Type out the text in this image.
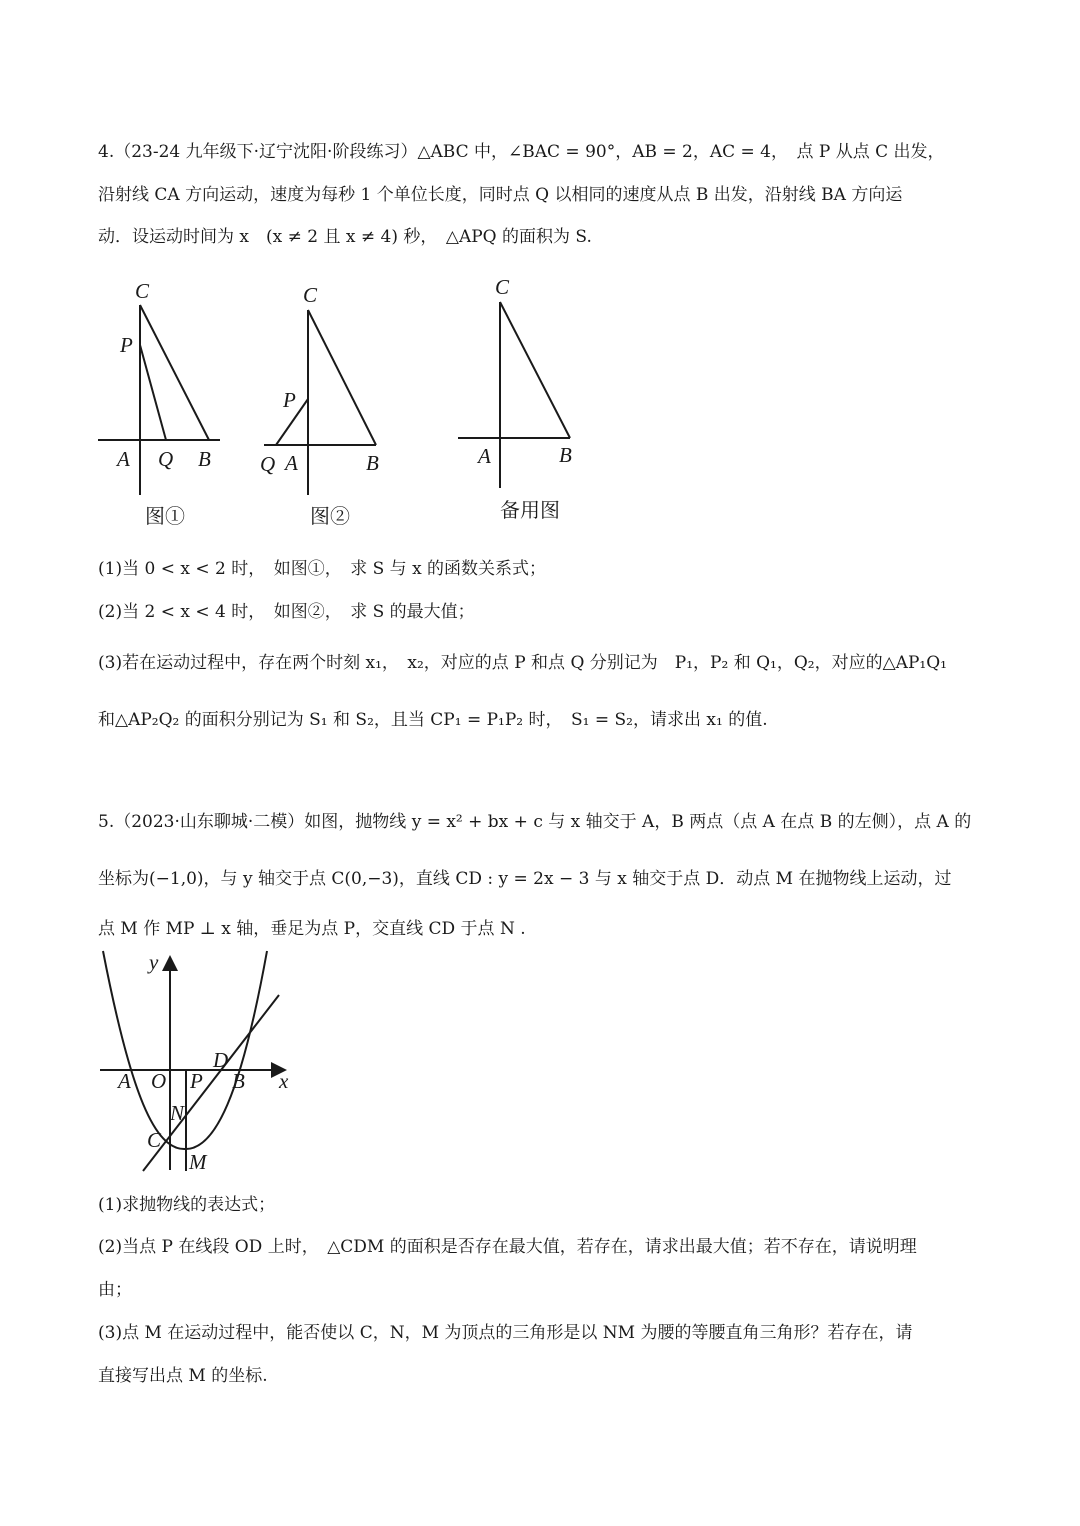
4.（23-24 九年级下·辽宁沈阳·阶段练习）△ABC 中，∠BAC = 90°，AB = 2，AC = 4，　点 P 从点 C 出发，
沿射线 CA 方向运动，速度为每秒 1 个单位长度，同时点 Q 以相同的速度从点 B 出发，沿射线 BA 方向运
动．设运动时间为 x　(x ≠ 2 且 x ≠ 4) 秒，　△APQ 的面积为 S.
C
P
A Q B
图①
C
P
Q A	B
图②
C
A	B
备用图
(1)当 0 < x < 2 时，　如图①，　求 S 与 x 的函数关系式；
(2)当 2 < x < 4 时，　如图②，　求 S 的最大值；
(3)若在运动过程中，存在两个时刻 x₁，　x₂，对应的点 P 和点 Q 分别记为　P₁，P₂ 和 Q₁，Q₂，对应的△AP₁Q₁
和△AP₂Q₂ 的面积分别记为 S₁ 和 S₂，且当 CP₁ = P₁P₂ 时，　S₁ = S₂，请求出 x₁ 的值.
5.（2023·山东聊城·二模）如图，抛物线 y = x² + bx + c 与 x 轴交于 A，B 两点（点 A 在点 B 的左侧），点 A 的
坐标为(−1,0)，与 y 轴交于点 C(0,−3)，直线 CD : y = 2x − 3 与 x 轴交于点 D．动点 M 在抛物线上运动，过
点 M 作 MP ⊥ x 轴，垂足为点 P，交直线 CD 于点 N .
y
x
A O P B
D
N
C
M
(1)求抛物线的表达式；
(2)当点 P 在线段 OD 上时，　△CDM 的面积是否存在最大值，若存在，请求出最大值；若不存在，请说明理
由；
(3)点 M 在运动过程中，能否使以 C，N，M 为顶点的三角形是以 NM 为腰的等腰直角三角形？若存在，请
直接写出点 M 的坐标.
